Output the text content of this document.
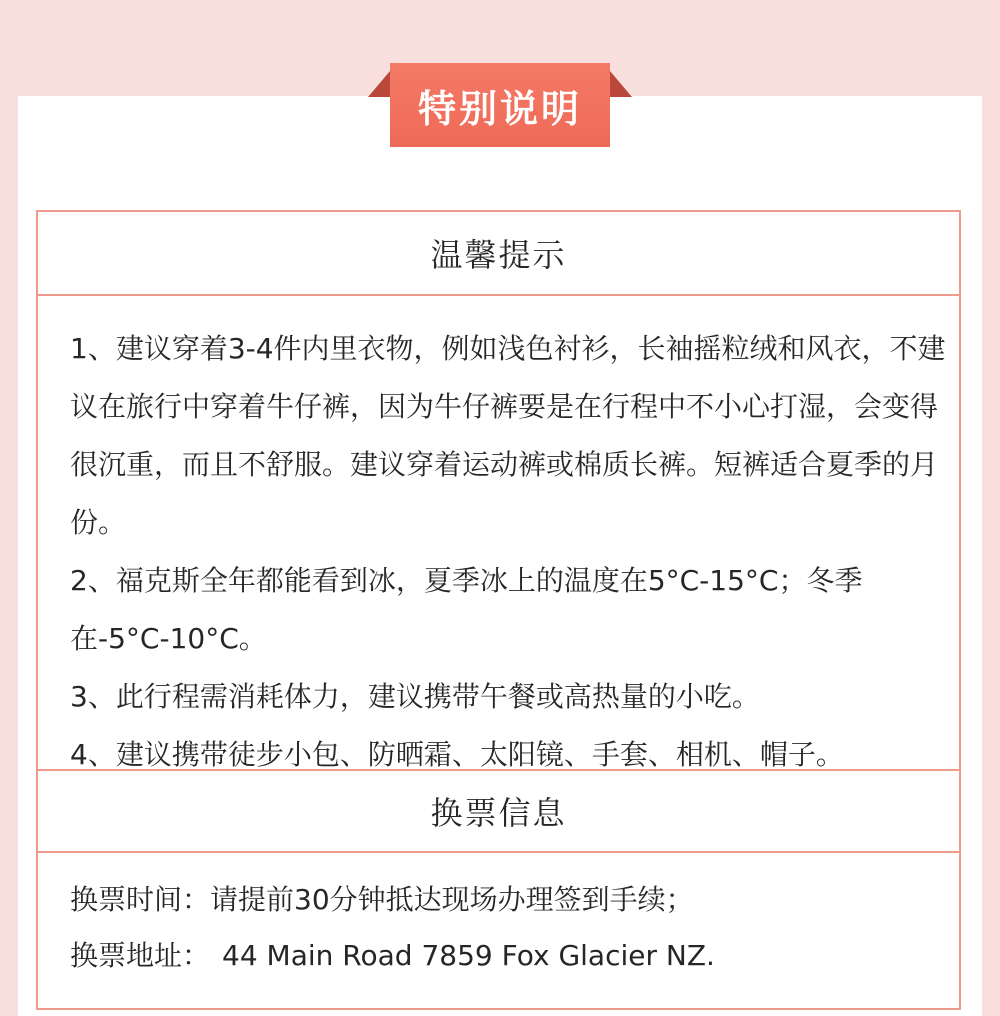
特别说明
温馨提示

1、建议穿着3-4件内里衣物，例如浅色衬衫，长袖摇粒绒和风衣，不建议在旅行中穿着牛仔裤，因为牛仔裤要是在行程中不小心打湿，会变得很沉重，而且不舒服。建议穿着运动裤或棉质长裤。短裤适合夏季的月份。

2、福克斯全年都能看到冰，夏季冰上的温度在5°C-15°C；冬季在-5°C-10°C。

3、此行程需消耗体力，建议携带午餐或高热量的小吃。

4、建议携带徒步小包、防晒霜、太阳镜、手套、相机、帽子。

换票信息
换票时间：请提前30分钟抵达现场办理签到手续；
换票地址： 44 Main Road 7859 Fox Glacier NZ.
